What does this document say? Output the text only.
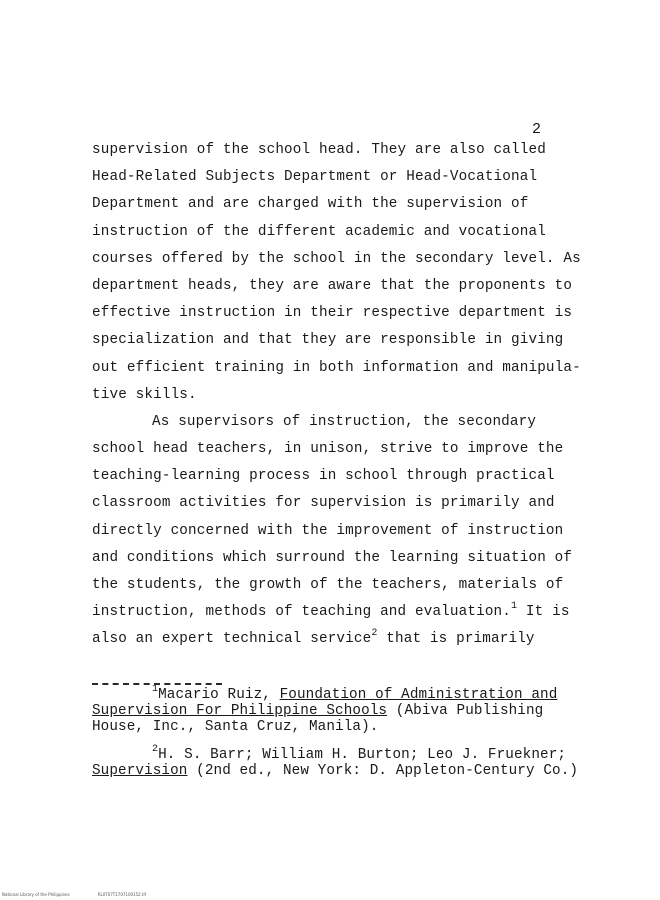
2
supervision of the school head. They are also called
Head-Related Subjects Department or Head-Vocational
Department and are charged with the supervision of
instruction of the different academic and vocational
courses offered by the school in the secondary level. As
department heads, they are aware that the proponents to
effective instruction in their respective department is
specialization and that they are responsible in giving
out efficient training in both information and manipula-
tive skills.
As supervisors of instruction, the secondary
school head teachers, in unison, strive to improve the
teaching-learning process in school through practical
classroom activities for supervision is primarily and
directly concerned with the improvement of instruction
and conditions which surround the learning situation of
the students, the growth of the teachers, materials of
instruction, methods of teaching and evaluation.$^1$ It is
also an expert technical service$^2$ that is primarily
$^1$Macario Ruiz, Foundation of Administration and
Supervision For Philippine Schools (Abiva Publishing
House, Inc., Santa Cruz, Manila).
$^2$H. S. Barr; William H. Burton; Leo J. Fruekner;
Supervision (2nd ed., New York: D. Appleton-Century Co.)
National Library of the Philippines	RL0T07T1707100152.tif
